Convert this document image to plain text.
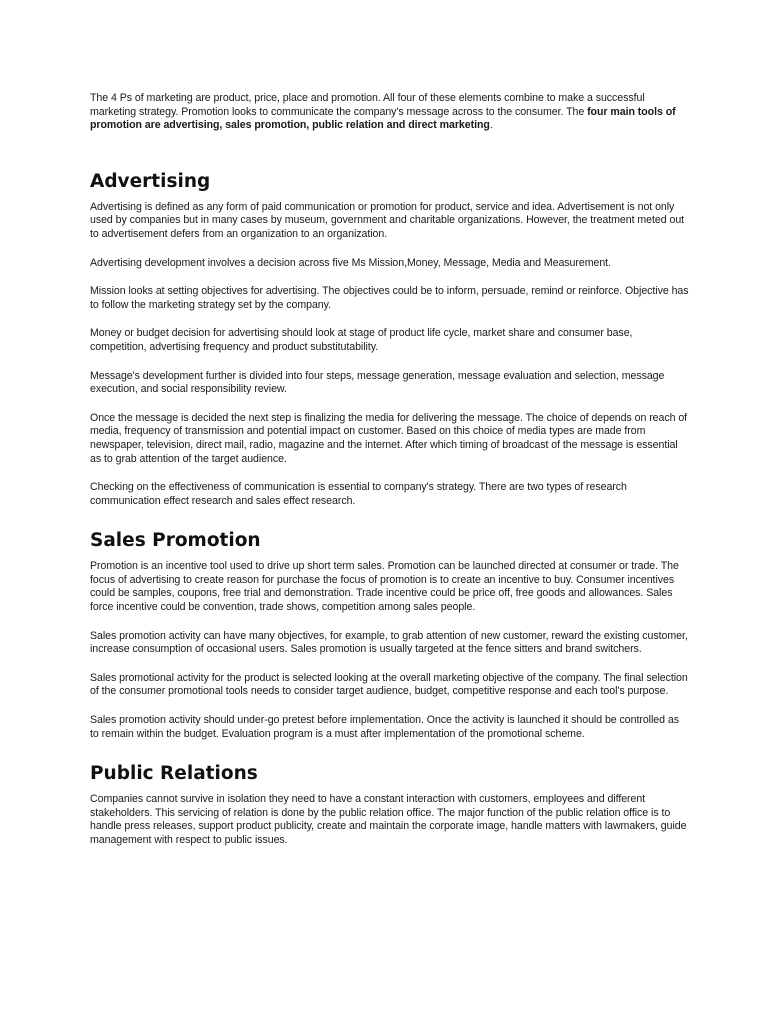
The 4 Ps of marketing are product, price, place and promotion. All four of these elements combine to make a successful marketing strategy. Promotion looks to communicate the company's message across to the consumer. The four main tools of promotion are advertising, sales promotion, public relation and direct marketing.

Advertising

Advertising is defined as any form of paid communication or promotion for product, service and idea. Advertisement is not only used by companies but in many cases by museum, government and charitable organizations. However, the treatment meted out to advertisement defers from an organization to an organization.

Advertising development involves a decision across five Ms Mission,Money, Message, Media and Measurement.

Mission looks at setting objectives for advertising. The objectives could be to inform, persuade, remind or reinforce. Objective has to follow the marketing strategy set by the company.

Money or budget decision for advertising should look at stage of product life cycle, market share and consumer base, competition, advertising frequency and product substitutability.

Message's development further is divided into four steps, message generation, message evaluation and selection, message execution, and social responsibility review.

Once the message is decided the next step is finalizing the media for delivering the message. The choice of depends on reach of media, frequency of transmission and potential impact on customer. Based on this choice of media types are made from newspaper, television, direct mail, radio, magazine and the internet. After which timing of broadcast of the message is essential as to grab attention of the target audience.

Checking on the effectiveness of communication is essential to company's strategy. There are two types of research communication effect research and sales effect research.

Sales Promotion

Promotion is an incentive tool used to drive up short term sales. Promotion can be launched directed at consumer or trade. The focus of advertising to create reason for purchase the focus of promotion is to create an incentive to buy. Consumer incentives could be samples, coupons, free trial and demonstration. Trade incentive could be price off, free goods and allowances. Sales force incentive could be convention, trade shows, competition among sales people.

Sales promotion activity can have many objectives, for example, to grab attention of new customer, reward the existing customer, increase consumption of occasional users. Sales promotion is usually targeted at the fence sitters and brand switchers.

Sales promotional activity for the product is selected looking at the overall marketing objective of the company. The final selection of the consumer promotional tools needs to consider target audience, budget, competitive response and each tool's purpose.

Sales promotion activity should under-go pretest before implementation. Once the activity is launched it should be controlled as to remain within the budget. Evaluation program is a must after implementation of the promotional scheme.

Public Relations

Companies cannot survive in isolation they need to have a constant interaction with customers, employees and different stakeholders. This servicing of relation is done by the public relation office. The major function of the public relation office is to handle press releases, support product publicity, create and maintain the corporate image, handle matters with lawmakers, guide management with respect to public issues.
